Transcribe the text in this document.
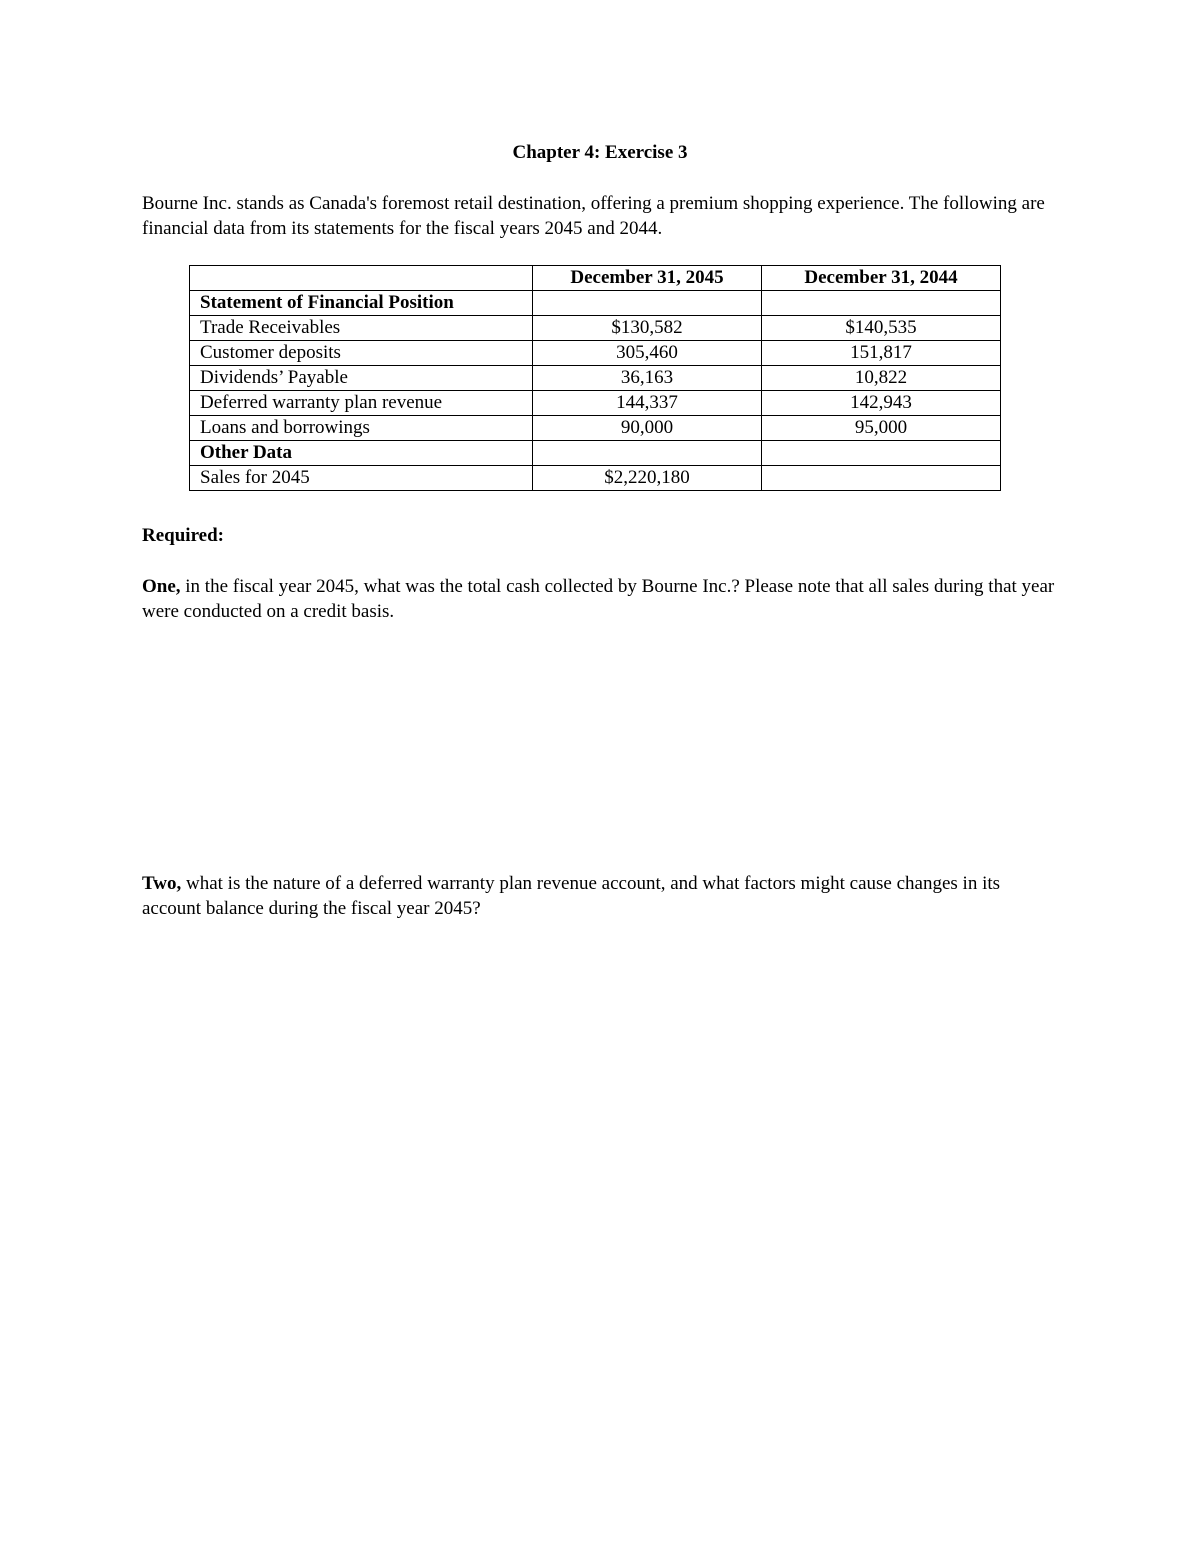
Chapter 4: Exercise 3

Bourne Inc. stands as Canada's foremost retail destination, offering a premium shopping experience. The following are financial data from its statements for the fiscal years 2045 and 2044.

	December 31, 2045	December 31, 2044
Statement of Financial Position		
Trade Receivables	$130,582	$140,535
Customer deposits	305,460	151,817
Dividends’ Payable	36,163	10,822
Deferred warranty plan revenue	144,337	142,943
Loans and borrowings	90,000	95,000
Other Data		
Sales for 2045	$2,220,180	

Required:

One, in the fiscal year 2045, what was the total cash collected by Bourne Inc.? Please note that all sales during that year were conducted on a credit basis.

Two, what is the nature of a deferred warranty plan revenue account, and what factors might cause changes in its account balance during the fiscal year 2045?
